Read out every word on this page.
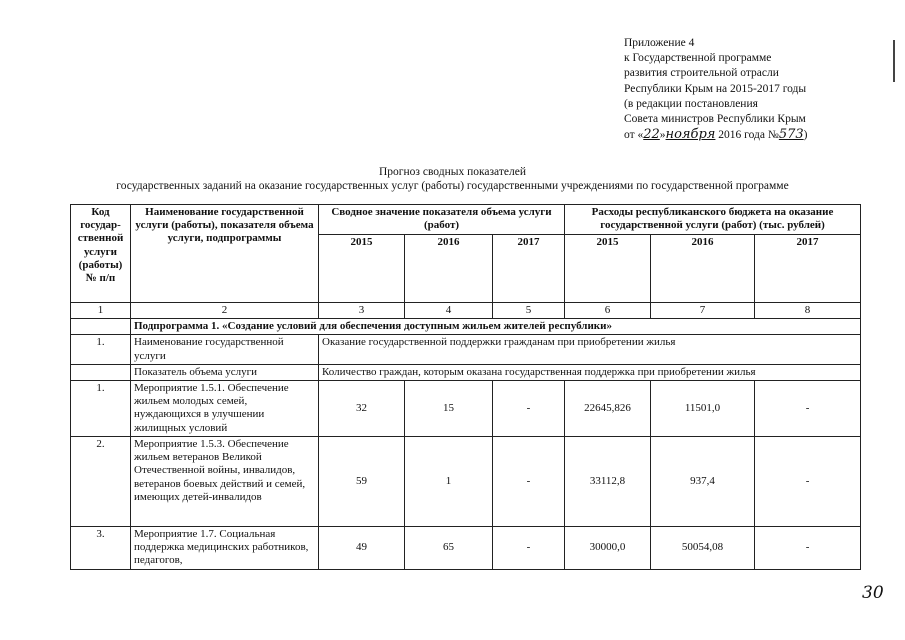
Приложение 4
к Государственной программе
развития строительной отрасли
Республики Крым на 2015-2017 годы
(в редакции постановления
Совета министров Республики Крым
от «22»ноября 2016 года №573)
Прогноз сводных показателей
государственных заданий на оказание государственных услуг (работы) государственными учреждениями по государственной программе
Код государ-ственной услуги (работы) № п/п	Наименование государственной услуги (работы), показателя объема услуги, подпрограммы	Сводное значение показателя объема услуги (работ)			Расходы республиканского бюджета на оказание государственной услуги (работ) (тыс. рублей)		
		2015	2016	2017	2015	2016	2017
1	2	3	4	5	6	7	8
	Подпрограмма 1. «Создание условий для обеспечения доступным жильем жителей республики»						
1.	Наименование государственной услуги	Оказание государственной поддержки гражданам при приобретении жилья					
	Показатель объема услуги	Количество граждан, которым оказана государственная поддержка при приобретении жилья					
1.	Мероприятие 1.5.1. Обеспечение жильем молодых семей, нуждающихся в улучшении жилищных условий	32	15	-	22645,826	11501,0	-
2.	Мероприятие 1.5.3. Обеспечение жильем ветеранов Великой Отечественной войны, инвалидов, ветеранов боевых действий и семей, имеющих детей-инвалидов	59	1	-	33112,8	937,4	-
3.	Мероприятие 1.7. Социальная поддержка медицинских работников, педагогов,	49	65	-	30000,0	50054,08	-
30
